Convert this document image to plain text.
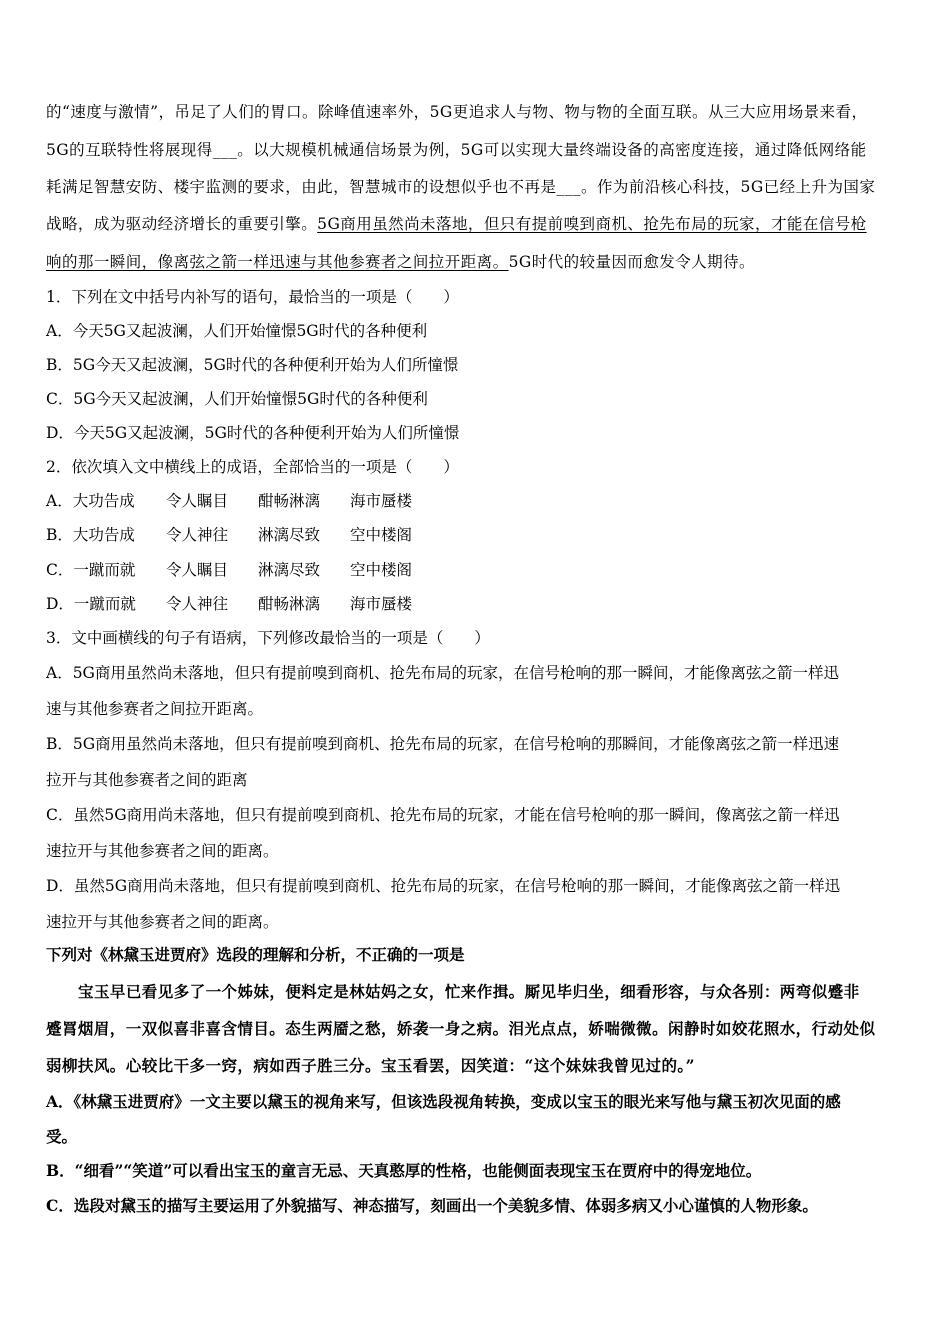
的“速度与激情”，吊足了人们的胃口。除峰值速率外，5G更追求人与物、物与物的全面互联。从三大应用场景来看，
5G的互联特性将展现得___。以大规模机械通信场景为例，5G可以实现大量终端设备的高密度连接，通过降低网络能
耗满足智慧安防、楼宇监测的要求，由此，智慧城市的设想似乎也不再是___。作为前沿核心科技，5G已经上升为国家
战略，成为驱动经济增长的重要引擎。5G商用虽然尚未落地，但只有提前嗅到商机、抢先布局的玩家，才能在信号枪
响的那一瞬间，像离弦之箭一样迅速与其他参赛者之间拉开距离。5G时代的较量因而愈发令人期待。
1．下列在文中括号内补写的语句，最恰当的一项是（　　）
A．今天5G又起波澜，人们开始憧憬5G时代的各种便利
B．5G今天又起波澜，5G时代的各种便利开始为人们所憧憬
C．5G今天又起波澜，人们开始憧憬5G时代的各种便利
D．今天5G又起波澜，5G时代的各种便利开始为人们所憧憬
2．依次填入文中横线上的成语，全部恰当的一项是（　　）
A．大功告成 令人瞩目 酣畅淋漓 海市蜃楼
B．大功告成 令人神往 淋漓尽致 空中楼阁
C．一蹴而就 令人瞩目 淋漓尽致 空中楼阁
D．一蹴而就 令人神往 酣畅淋漓 海市蜃楼
3．文中画横线的句子有语病，下列修改最恰当的一项是（　　）
A．5G商用虽然尚未落地，但只有提前嗅到商机、抢先布局的玩家，在信号枪响的那一瞬间，才能像离弦之箭一样迅
速与其他参赛者之间拉开距离。
B．5G商用虽然尚未落地，但只有提前嗅到商机、抢先布局的玩家，在信号枪响的那瞬间，才能像离弦之箭一样迅速
拉开与其他参赛者之间的距离
C．虽然5G商用尚未落地，但只有提前嗅到商机、抢先布局的玩家，才能在信号枪响的那一瞬间，像离弦之箭一样迅
速拉开与其他参赛者之间的距离。
D．虽然5G商用尚未落地，但只有提前嗅到商机、抢先布局的玩家，在信号枪响的那一瞬间，才能像离弦之箭一样迅
速拉开与其他参赛者之间的距离。
下列对《林黛玉进贾府》选段的理解和分析，不正确的一项是
宝玉早已看见多了一个姊妹，便料定是林姑妈之女，忙来作揖。厮见毕归坐，细看形容，与众各别：两弯似蹙非
蹙罥烟眉，一双似喜非喜含情目。态生两靥之愁，娇袭一身之病。泪光点点，娇喘微微。闲静时如姣花照水，行动处似
弱柳扶风。心较比干多一窍，病如西子胜三分。宝玉看罢，因笑道：“这个妹妹我曾见过的。”
A．《林黛玉进贾府》一文主要以黛玉的视角来写，但该选段视角转换，变成以宝玉的眼光来写他与黛玉初次见面的感
受。
B．“细看”“笑道”可以看出宝玉的童言无忌、天真憨厚的性格，也能侧面表现宝玉在贾府中的得宠地位。
C．选段对黛玉的描写主要运用了外貌描写、神态描写，刻画出一个美貌多情、体弱多病又小心谨慎的人物形象。
